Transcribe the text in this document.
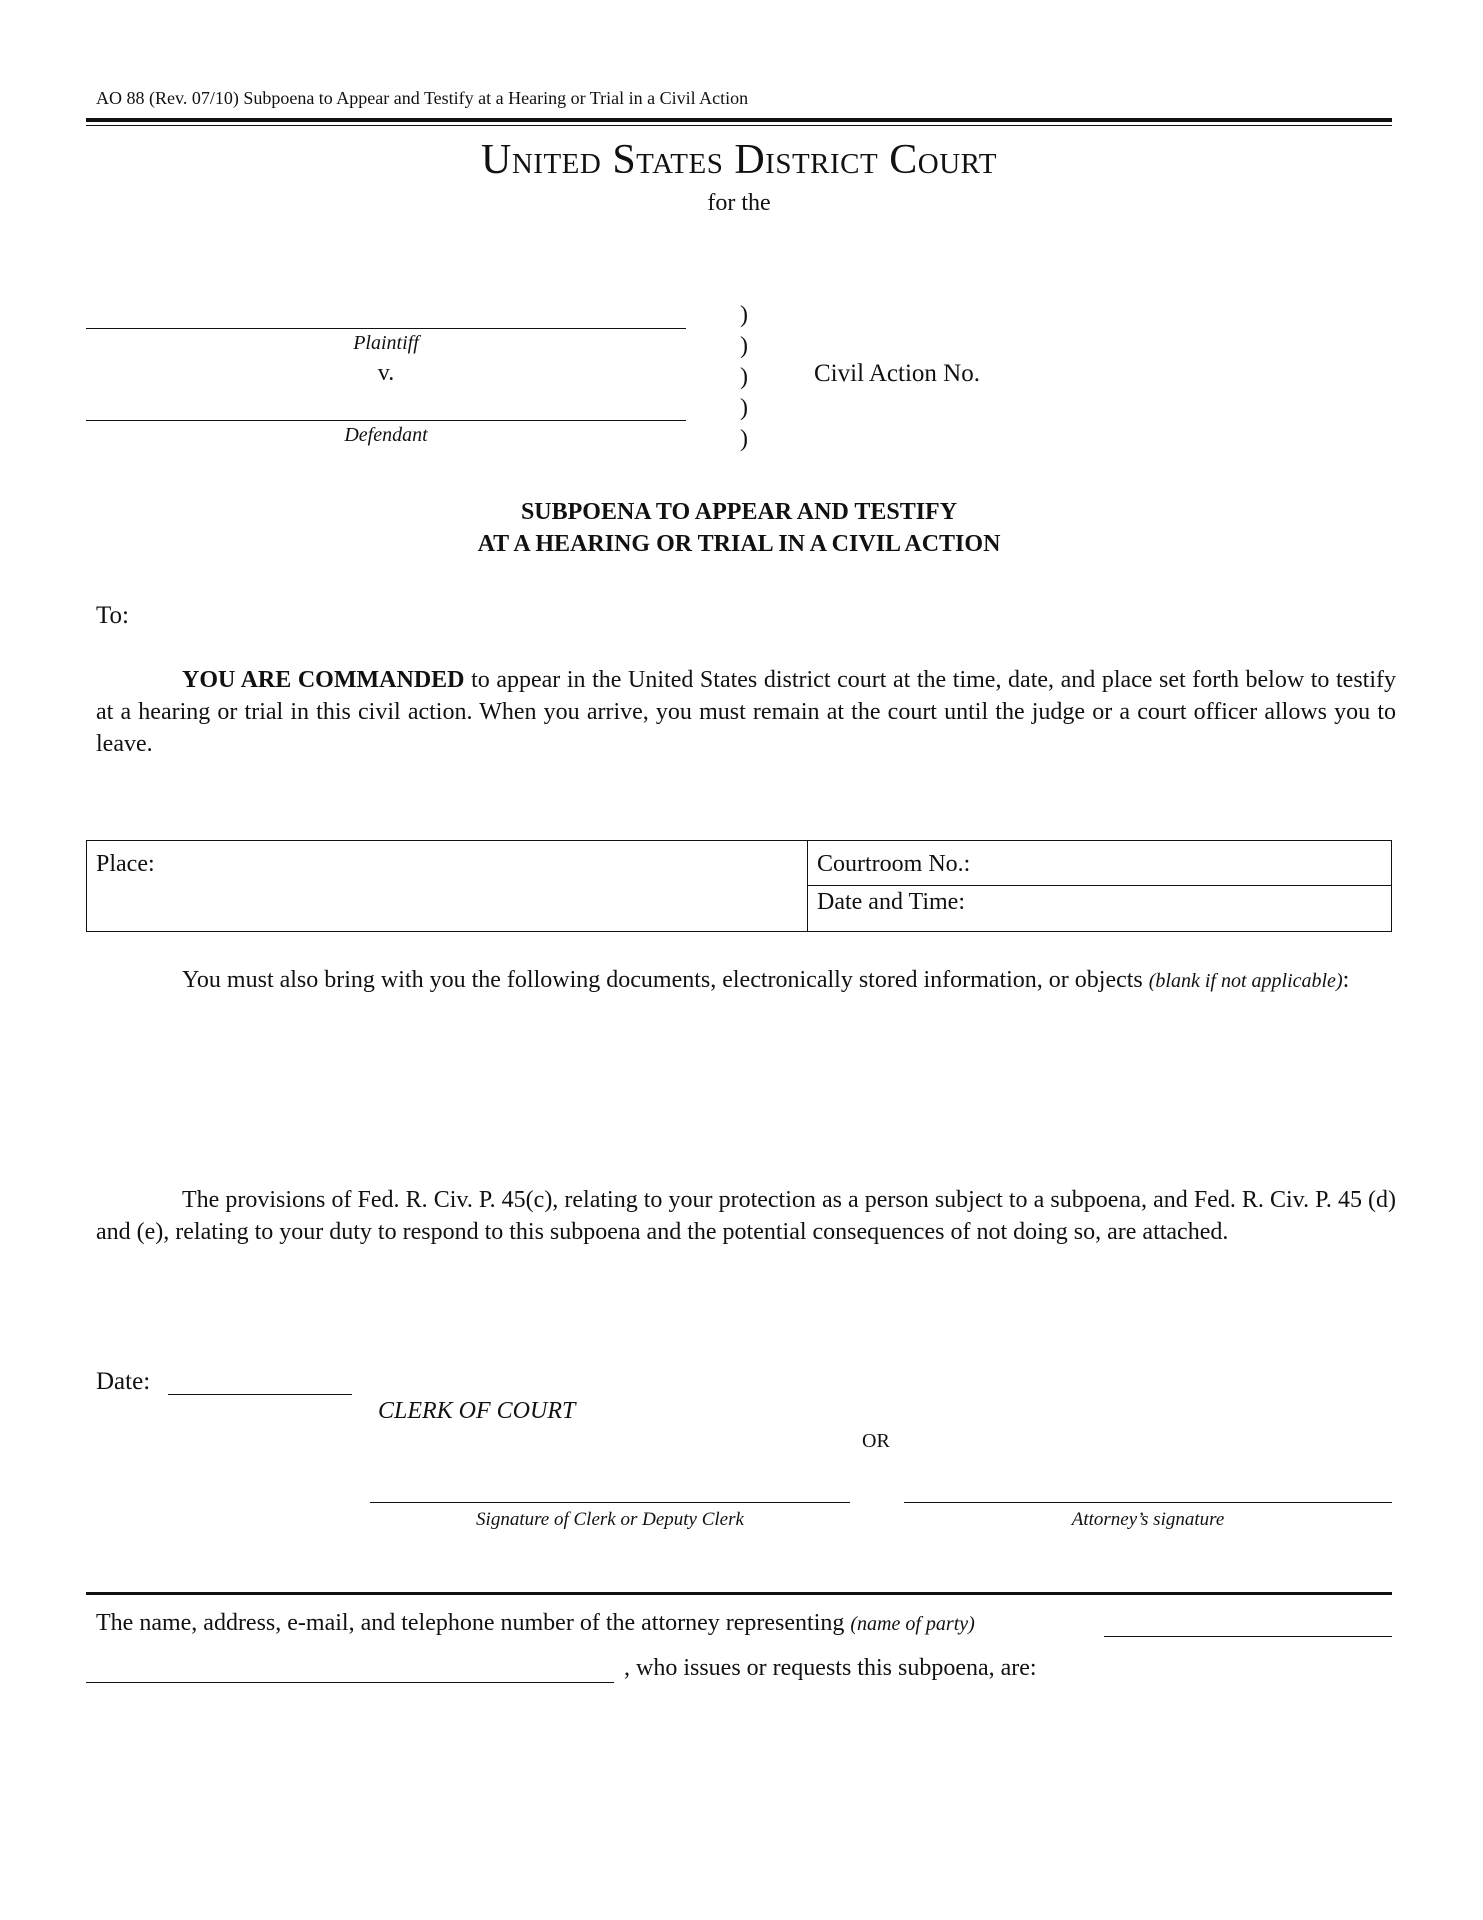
AO 88 (Rev. 07/10) Subpoena to Appear and Testify at a Hearing or Trial in a Civil Action
United States District Court
for the
Plaintiff
v.
Defendant
)
)
)
)
)
Civil Action No.
SUBPOENA TO APPEAR AND TESTIFY
AT A HEARING OR TRIAL IN A CIVIL ACTION
To:
YOU ARE COMMANDED to appear in the United States district court at the time, date, and place set forth below to testify at a hearing or trial in this civil action. When you arrive, you must remain at the court until the judge or a court officer allows you to leave.
Place:	Courtroom No.:
Date and Time:
You must also bring with you the following documents, electronically stored information, or objects (blank if not applicable):
The provisions of Fed. R. Civ. P. 45(c), relating to your protection as a person subject to a subpoena, and Fed. R. Civ. P. 45 (d) and (e), relating to your duty to respond to this subpoena and the potential consequences of not doing so, are attached.
Date:
CLERK OF COURT
OR
Signature of Clerk or Deputy Clerk	Attorney’s signature
The name, address, e-mail, and telephone number of the attorney representing (name of party)
, who issues or requests this subpoena, are:
